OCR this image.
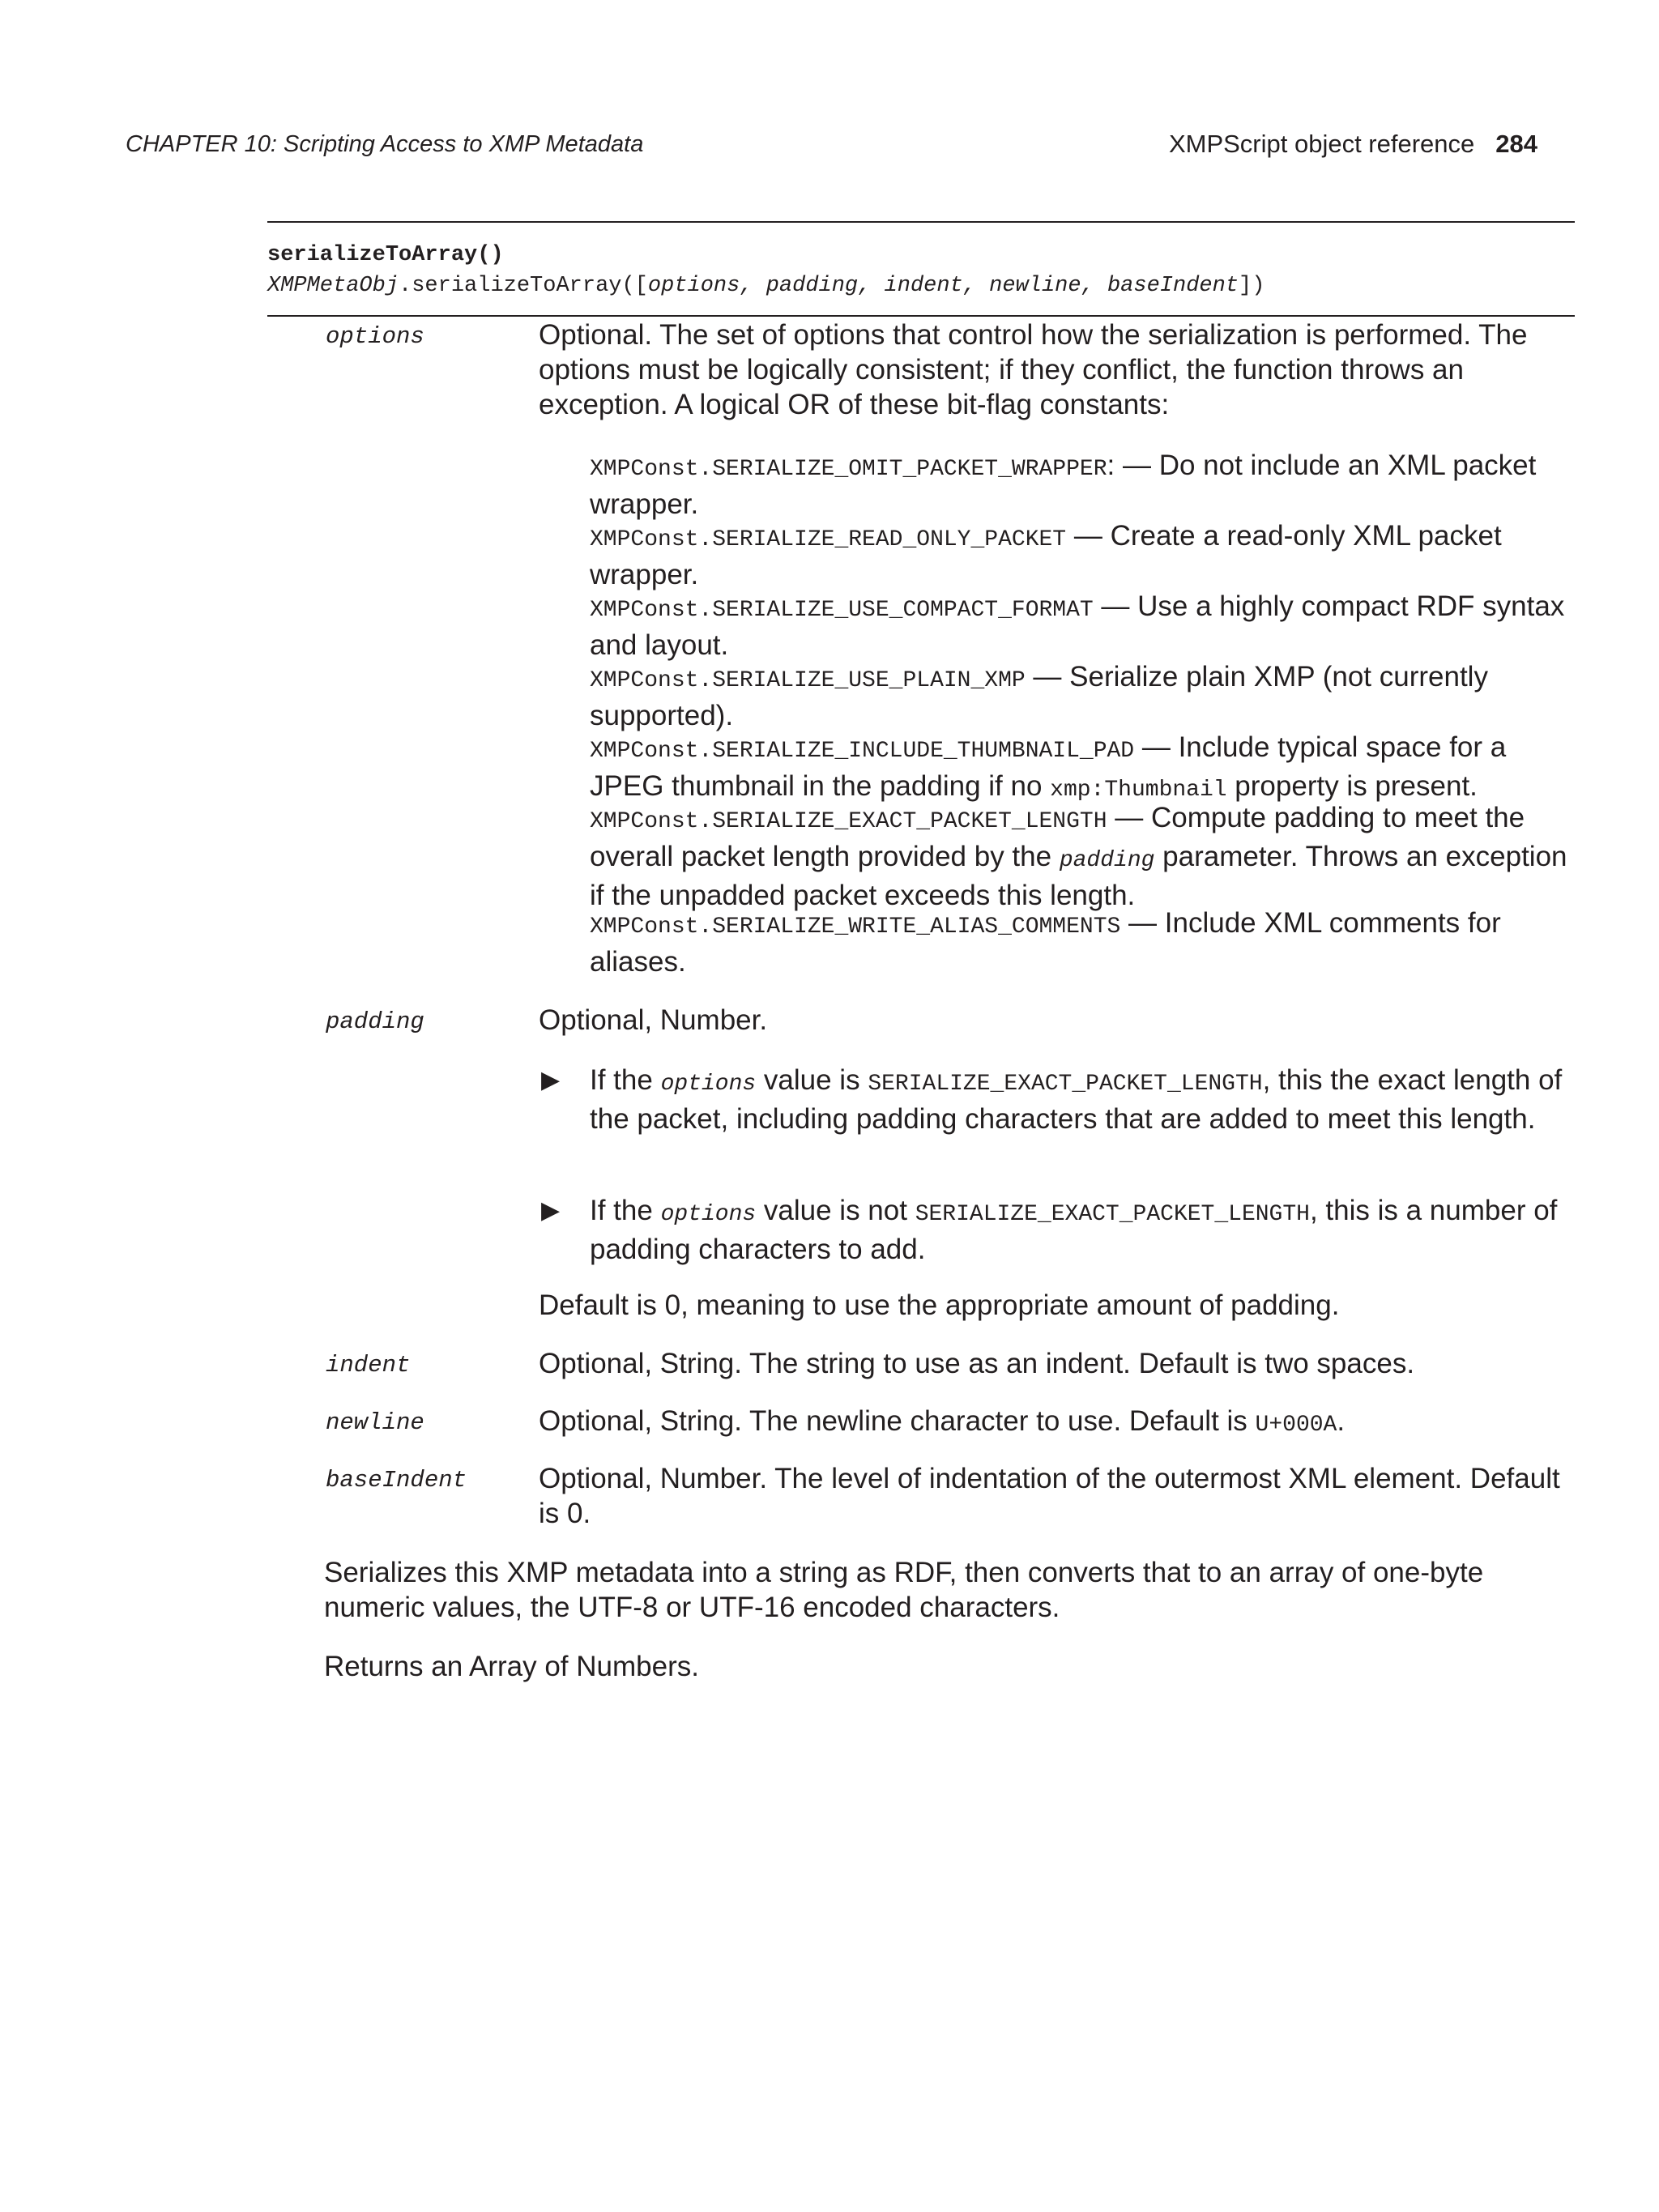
CHAPTER 10: Scripting Access to XMP Metadata	XMPScript object reference 284
serializeToArray()
XMPMetaObj.serializeToArray([options, padding, indent, newline, baseIndent])
options	Optional. The set of options that control how the serialization is performed. The options must be logically consistent; if they conflict, the function throws an exception. A logical OR of these bit-flag constants:
XMPConst.SERIALIZE_OMIT_PACKET_WRAPPER: — Do not include an XML packet wrapper.
XMPConst.SERIALIZE_READ_ONLY_PACKET — Create a read-only XML packet wrapper.
XMPConst.SERIALIZE_USE_COMPACT_FORMAT — Use a highly compact RDF syntax and layout.
XMPConst.SERIALIZE_USE_PLAIN_XMP — Serialize plain XMP (not currently supported).
XMPConst.SERIALIZE_INCLUDE_THUMBNAIL_PAD — Include typical space for a JPEG thumbnail in the padding if no xmp:Thumbnail property is present.
XMPConst.SERIALIZE_EXACT_PACKET_LENGTH — Compute padding to meet the overall packet length provided by the padding parameter. Throws an exception if the unpadded packet exceeds this length.
XMPConst.SERIALIZE_WRITE_ALIAS_COMMENTS — Include XML comments for aliases.
padding	Optional, Number.
▶ If the options value is SERIALIZE_EXACT_PACKET_LENGTH, this the exact length of the packet, including padding characters that are added to meet this length.
▶ If the options value is not SERIALIZE_EXACT_PACKET_LENGTH, this is a number of padding characters to add.
Default is 0, meaning to use the appropriate amount of padding.
indent	Optional, String. The string to use as an indent. Default is two spaces.
newline	Optional, String. The newline character to use. Default is U+000A.
baseIndent	Optional, Number. The level of indentation of the outermost XML element. Default is 0.
Serializes this XMP metadata into a string as RDF, then converts that to an array of one-byte numeric values, the UTF-8 or UTF-16 encoded characters.
Returns an Array of Numbers.
